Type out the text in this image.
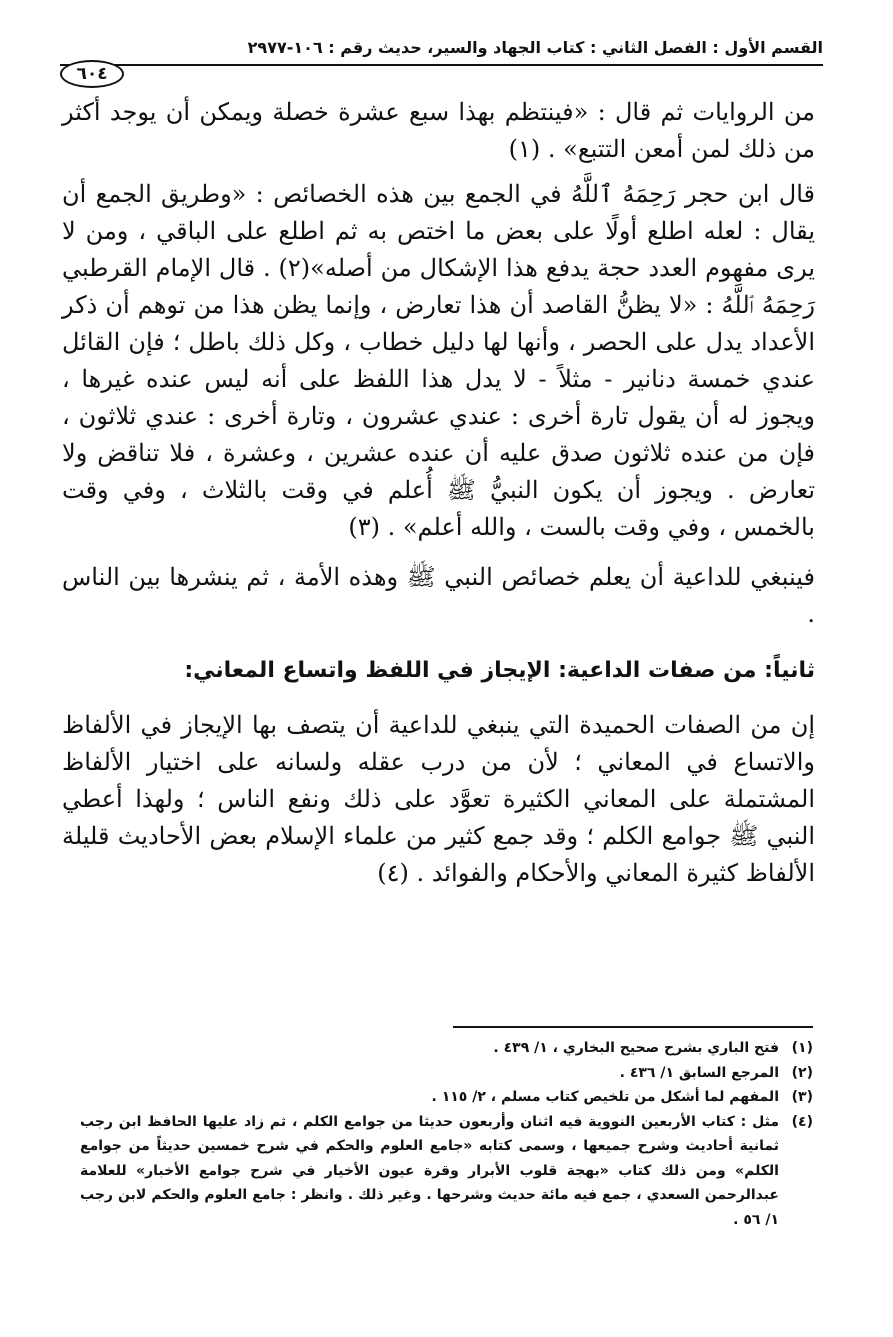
القسم الأول : الفصل الثاني : كتاب الجهاد والسير، حديث رقم : ١٠٦-٢٩٧٧
٦٠٤

من الروايات ثم قال : «فينتظم بهذا سبع عشرة خصلة ويمكن أن يوجد أكثر من ذلك لمن أمعن التتبع» . (١)

قال ابن حجر رَحِمَهُ ٱللَّهُ في الجمع بين هذه الخصائص : «وطريق الجمع أن يقال : لعله اطلع أولًا على بعض ما اختص به ثم اطلع على الباقي ، ومن لا يرى مفهوم العدد حجة يدفع هذا الإشكال من أصله»(٢) . قال الإمام القرطبي رَحِمَهُ ٱللَّهُ : «لا يظنُّ القاصد أن هذا تعارض ، وإنما يظن هذا من توهم أن ذكر الأعداد يدل على الحصر ، وأنها لها دليل خطاب ، وكل ذلك باطل ؛ فإن القائل عندي خمسة دنانير - مثلاً - لا يدل هذا اللفظ على أنه ليس عنده غيرها ، ويجوز له أن يقول تارة أخرى : عندي عشرون ، وتارة أخرى : عندي ثلاثون ، فإن من عنده ثلاثون صدق عليه أن عنده عشرين ، وعشرة ، فلا تناقض ولا تعارض . ويجوز أن يكون النبيُّ ﷺ أُعلم في وقت بالثلاث ، وفي وقت بالخمس ، وفي وقت بالست ، والله أعلم» . (٣)

فينبغي للداعية أن يعلم خصائص النبي ﷺ وهذه الأمة ، ثم ينشرها بين الناس .

ثانياً: من صفات الداعية: الإيجاز في اللفظ واتساع المعاني:

إن من الصفات الحميدة التي ينبغي للداعية أن يتصف بها الإيجاز في الألفاظ والاتساع في المعاني ؛ لأن من درب عقله ولسانه على اختيار الألفاظ المشتملة على المعاني الكثيرة تعوَّد على ذلك ونفع الناس ؛ ولهذا أعطي النبي ﷺ جوامع الكلم ؛ وقد جمع كثير من علماء الإسلام بعض الأحاديث قليلة الألفاظ كثيرة المعاني والأحكام والفوائد . (٤)

(١)
فتح الباري بشرح صحيح البخاري ، ١/ ٤٣٩ .
(٢)
المرجع السابق ١/ ٤٣٦ .
(٣)
المفهم لما أشكل من تلخيص كتاب مسلم ، ٢/ ١١٥ .
(٤)
مثل : كتاب الأربعين النووية فيه اثنان وأربعون حديثا من جوامع الكلم ، ثم زاد عليها الحافظ ابن رجب ثمانية أحاديث وشرح جميعها ، وسمى كتابه «جامع العلوم والحكم في شرح خمسين حديثاً من جوامع الكلم» ومن ذلك كتاب «بهجة قلوب الأبرار وقرة عيون الأخيار في شرح جوامع الأخبار» للعلامة عبدالرحمن السعدي ، جمع فيه مائة حديث وشرحها . وغير ذلك . وانظر : جامع العلوم والحكم لابن رجب ١/ ٥٦ .
